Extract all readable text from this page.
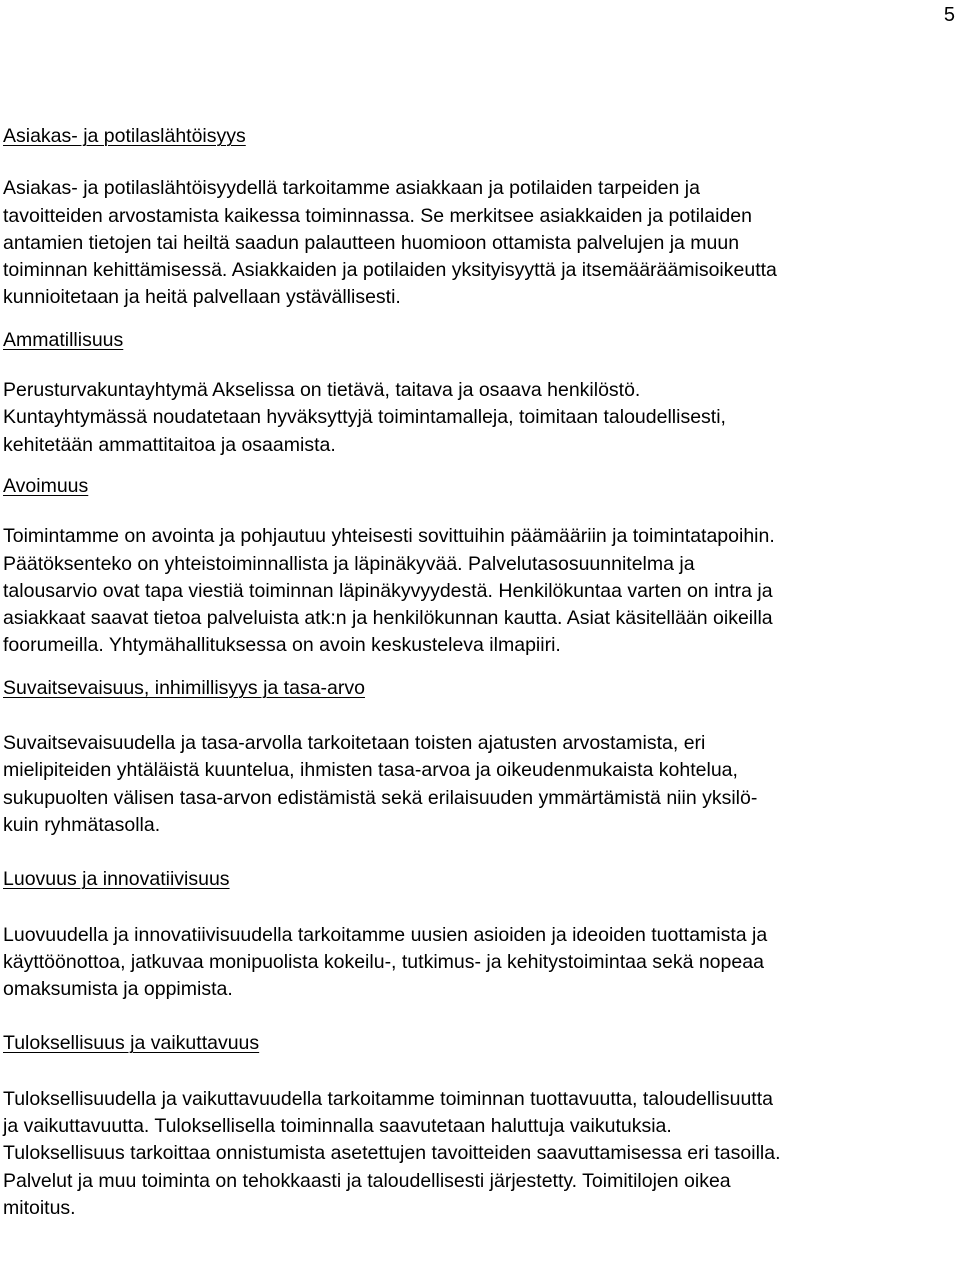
5
Asiakas- ja potilaslähtöisyys

Asiakas- ja potilaslähtöisyydellä tarkoitamme asiakkaan ja potilaiden tarpeiden ja
tavoitteiden arvostamista kaikessa toiminnassa. Se merkitsee asiakkaiden ja potilaiden
antamien tietojen tai heiltä saadun palautteen huomioon ottamista palvelujen ja muun
toiminnan kehittämisessä. Asiakkaiden ja potilaiden yksityisyyttä ja itsemääräämisoikeutta
kunnioitetaan ja heitä palvellaan ystävällisesti.

Ammatillisuus

Perusturvakuntayhtymä Akselissa on tietävä, taitava ja osaava henkilöstö.
Kuntayhtymässä noudatetaan hyväksyttyjä toimintamalleja, toimitaan taloudellisesti,
kehitetään ammattitaitoa ja osaamista.

Avoimuus

Toimintamme on avointa ja pohjautuu yhteisesti sovittuihin päämääriin ja toimintatapoihin.
Päätöksenteko on yhteistoiminnallista ja läpinäkyvää. Palvelutasosuunnitelma ja
talousarvio ovat tapa viestiä toiminnan läpinäkyvyydestä. Henkilökuntaa varten on intra ja
asiakkaat saavat tietoa palveluista atk:n ja henkilökunnan kautta. Asiat käsitellään oikeilla
foorumeilla. Yhtymähallituksessa on avoin keskusteleva ilmapiiri.

Suvaitsevaisuus, inhimillisyys ja tasa-arvo

Suvaitsevaisuudella ja tasa-arvolla tarkoitetaan toisten ajatusten arvostamista, eri
mielipiteiden yhtäläistä kuuntelua, ihmisten tasa-arvoa ja oikeudenmukaista kohtelua,
sukupuolten välisen tasa-arvon edistämistä sekä erilaisuuden ymmärtämistä niin yksilö-
kuin ryhmätasolla.

Luovuus ja innovatiivisuus

Luovuudella ja innovatiivisuudella tarkoitamme uusien asioiden ja ideoiden tuottamista ja
käyttöönottoa, jatkuvaa monipuolista kokeilu-, tutkimus- ja kehitystoimintaa sekä nopeaa
omaksumista ja oppimista.

Tuloksellisuus ja vaikuttavuus

Tuloksellisuudella ja vaikuttavuudella tarkoitamme toiminnan tuottavuutta, taloudellisuutta
ja vaikuttavuutta. Tuloksellisella toiminnalla saavutetaan haluttuja vaikutuksia.
Tuloksellisuus tarkoittaa onnistumista asetettujen tavoitteiden saavuttamisessa eri tasoilla.
Palvelut ja muu toiminta on tehokkaasti ja taloudellisesti järjestetty. Toimitilojen oikea
mitoitus.
